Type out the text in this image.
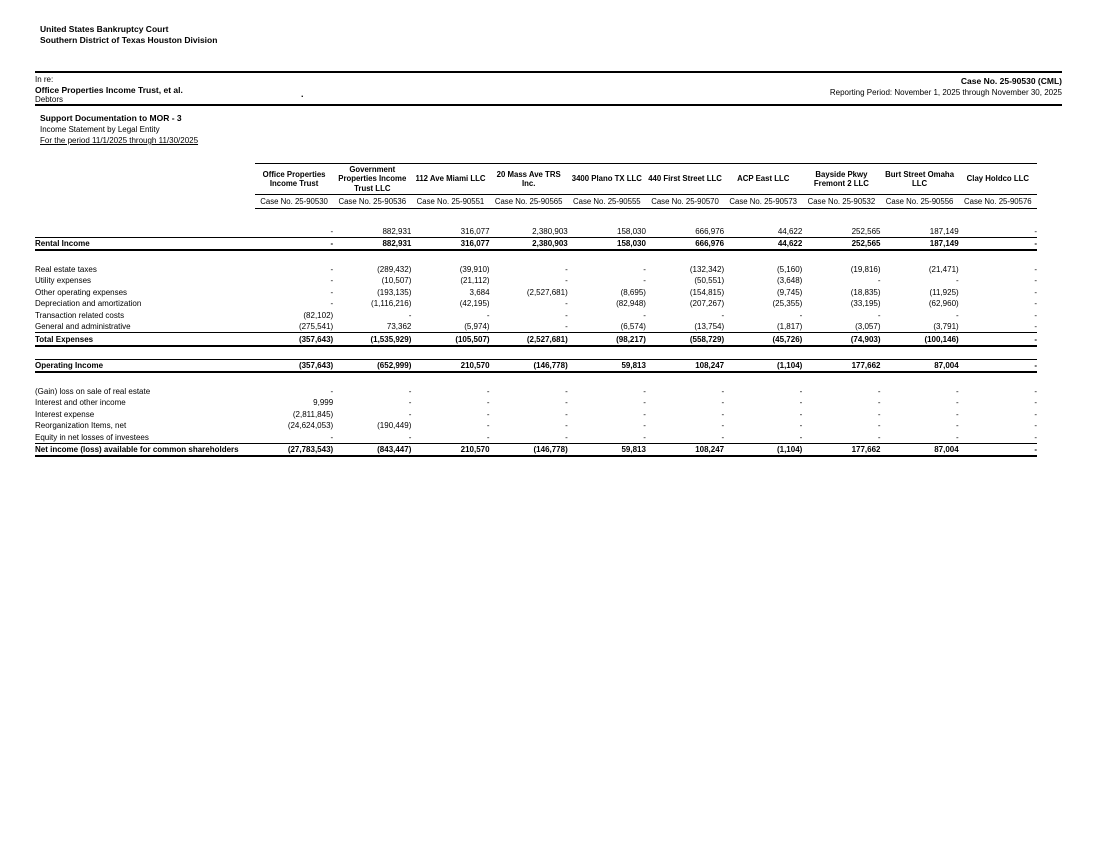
United States Bankruptcy Court
Southern District of Texas Houston Division
In re:
Office Properties Income Trust, et al.
Debtors
Case No. 25-90530 (CML)
Reporting Period: November 1, 2025 through November 30, 2025
.
Support Documentation to MOR - 3
Income Statement by Legal Entity
For the period 11/1/2025 through 11/30/2025
	Office Properties Income Trust	Government Properties Income Trust LLC	112 Ave Miami LLC	20 Mass Ave TRS Inc.	3400 Plano TX LLC	440 First Street LLC	ACP East LLC	Bayside Pkwy Fremont 2 LLC	Burt Street Omaha LLC	Clay Holdco LLC
	Case No. 25-90530	Case No. 25-90536	Case No. 25-90551	Case No. 25-90565	Case No. 25-90555	Case No. 25-90570	Case No. 25-90573	Case No. 25-90532	Case No. 25-90556	Case No. 25-90576

	-	882,931	316,077	2,380,903	158,030	666,976	44,622	252,565	187,149	-
Rental Income	-	882,931	316,077	2,380,903	158,030	666,976	44,622	252,565	187,149	-

Real estate taxes	-	(289,432)	(39,910)	-	-	(132,342)	(5,160)	(19,816)	(21,471)	-
Utility expenses	-	(10,507)	(21,112)	-	-	(50,551)	(3,648)	-	-	-
Other operating expenses	-	(193,135)	3,684	(2,527,681)	(8,695)	(154,815)	(9,745)	(18,835)	(11,925)	-
Depreciation and amortization	-	(1,116,216)	(42,195)	-	(82,948)	(207,267)	(25,355)	(33,195)	(62,960)	-
Transaction related costs	(82,102)	-	-	-	-	-	-	-	-	-
General and administrative	(275,541)	73,362	(5,974)	-	(6,574)	(13,754)	(1,817)	(3,057)	(3,791)	-
Total Expenses	(357,643)	(1,535,929)	(105,507)	(2,527,681)	(98,217)	(558,729)	(45,726)	(74,903)	(100,146)	-

Operating Income	(357,643)	(652,999)	210,570	(146,778)	59,813	108,247	(1,104)	177,662	87,004	-

(Gain) loss on sale of real estate	-	-	-	-	-	-	-	-	-	-
Interest and other income	9,999	-	-	-	-	-	-	-	-	-
Interest expense	(2,811,845)	-	-	-	-	-	-	-	-	-
Reorganization Items, net	(24,624,053)	(190,449)	-	-	-	-	-	-	-	-
Equity in net losses of investees	-	-	-	-	-	-	-	-	-	-
Net income (loss) available for common shareholders	(27,783,543)	(843,447)	210,570	(146,778)	59,813	108,247	(1,104)	177,662	87,004	-
